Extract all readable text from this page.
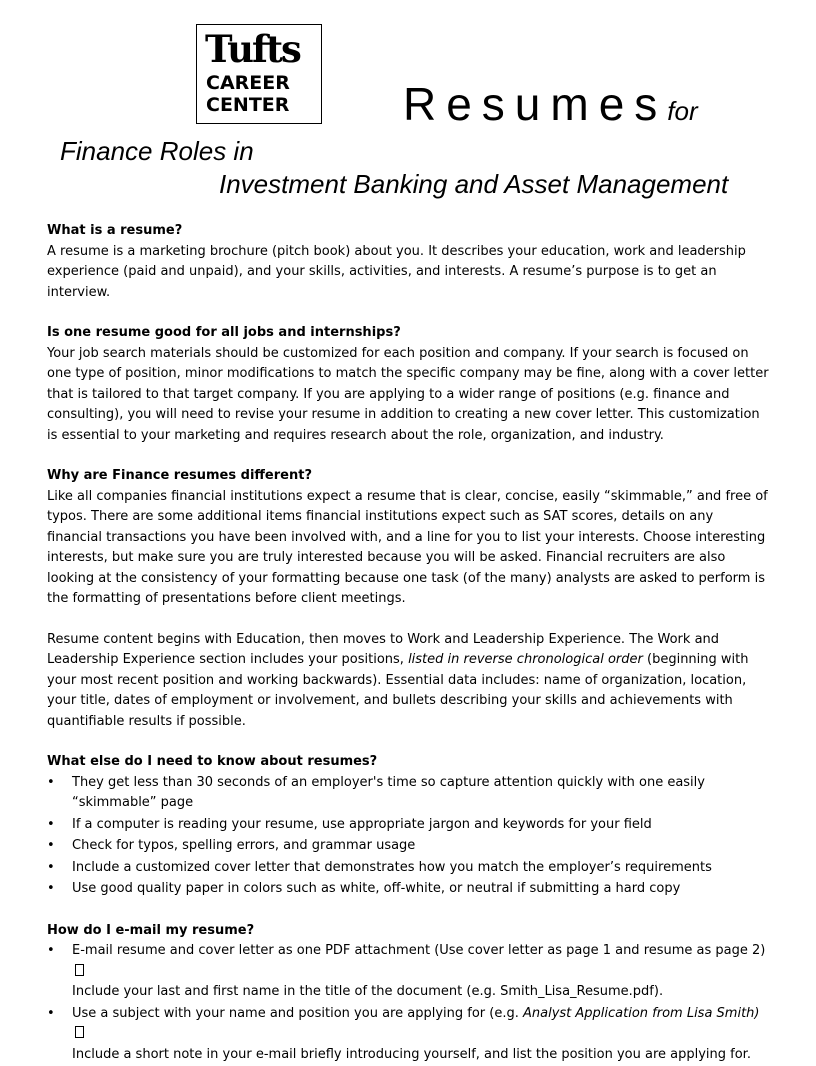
Tufts
CAREER
CENTER Resumesfor
Finance Roles in
Investment Banking and Asset Management
What is a resume?

A resume is a marketing brochure (pitch book) about you. It describes your education, work and leadership experience (paid and unpaid), and your skills, activities, and interests. A resume’s purpose is to get an interview.

Is one resume good for all jobs and internships?

Your job search materials should be customized for each position and company. If your search is focused on one type of position, minor modifications to match the specific company may be fine, along with a cover letter that is tailored to that target company. If you are applying to a wider range of positions (e.g. finance and consulting), you will need to revise your resume in addition to creating a new cover letter. This customization is essential to your marketing and requires research about the role, organization, and industry.

Why are Finance resumes different?

Like all companies financial institutions expect a resume that is clear, concise, easily “skimmable,” and free of typos. There are some additional items financial institutions expect such as SAT scores, details on any financial transactions you have been involved with, and a line for you to list your interests. Choose interesting interests, but make sure you are truly interested because you will be asked. Financial recruiters are also looking at the consistency of your formatting because one task (of the many) analysts are asked to perform is the formatting of presentations before client meetings.

Resume content begins with Education, then moves to Work and Leadership Experience. The Work and Leadership Experience section includes your positions, listed in reverse chronological order (beginning with your most recent position and working backwards). Essential data includes: name of organization, location, your title, dates of employment or involvement, and bullets describing your skills and achievements with quantifiable results if possible.

What else do I need to know about resumes?
• They get less than 30 seconds of an employer's time so capture attention quickly with one easily “skimmable” page
• If a computer is reading your resume, use appropriate jargon and keywords for your field
• Check for typos, spelling errors, and grammar usage
• Include a customized cover letter that demonstrates how you match the employer’s requirements
• Use good quality paper in colors such as white, off-white, or neutral if submitting a hard copy
How do I e-mail my resume?
• E-mail resume and cover letter as one PDF attachment (Use cover letter as page 1 and resume as page 2)
Include your last and first name in the title of the document (e.g. Smith_Lisa_Resume.pdf).
• Use a subject with your name and position you are applying for (e.g. Analyst Application from Lisa Smith)
Include a short note in your e-mail briefly introducing yourself, and list the position you are applying for.
